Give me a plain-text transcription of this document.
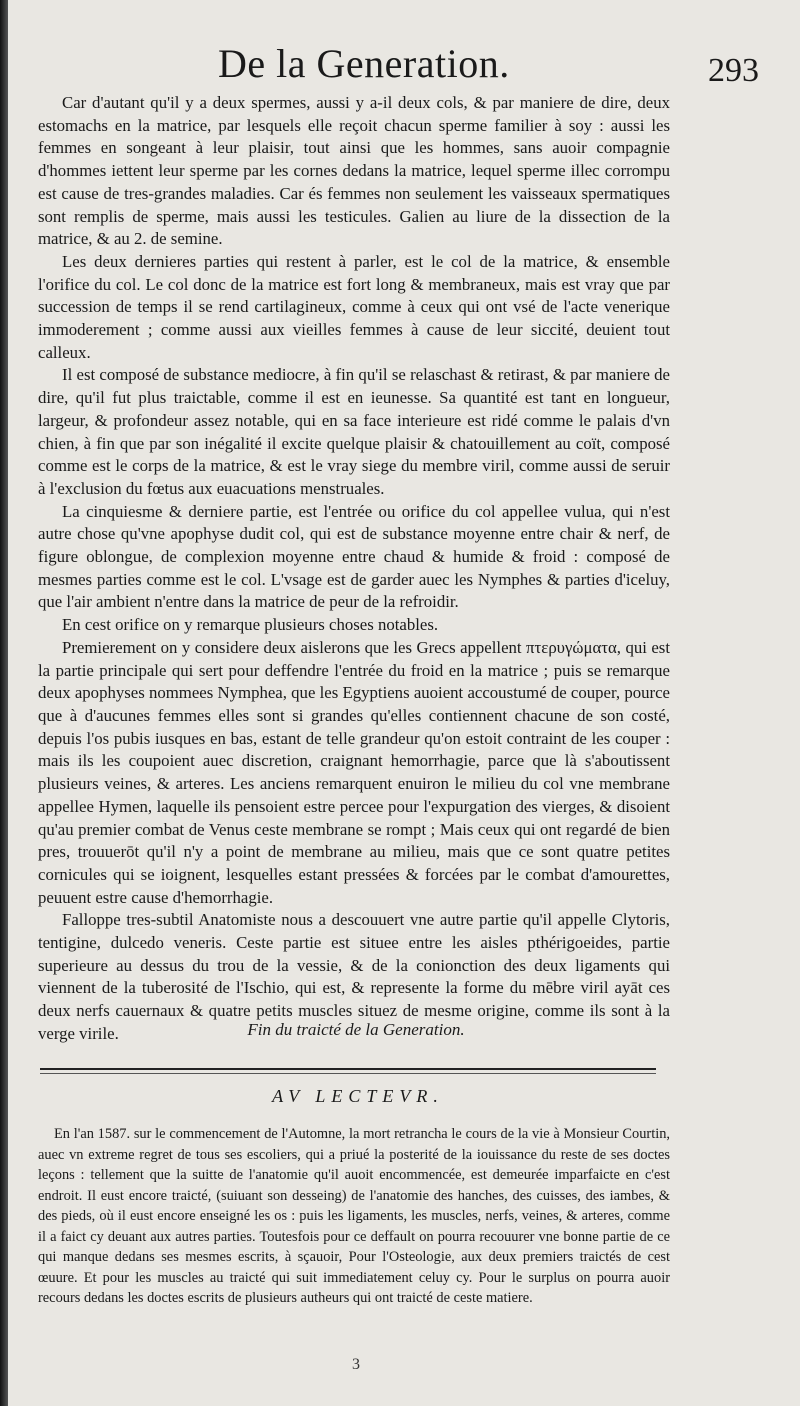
De la Generation.	293

Car d'autant qu'il y a deux spermes, aussi y a-il deux cols, & par maniere de dire, deux estomachs en la matrice, par lesquels elle reçoit chacun sperme familier à soy : aussi les femmes en songeant à leur plaisir, tout ainsi que les hommes, sans auoir compagnie d'hommes iettent leur sperme par les cornes dedans la matrice, lequel sperme illec corrompu est cause de tres-grandes maladies. Car és femmes non seulement les vaisseaux spermatiques sont remplis de sperme, mais aussi les testicules. Galien au liure de la dissection de la matrice, & au 2. de semine.

Les deux dernieres parties qui restent à parler, est le col de la matrice, & ensemble l'orifice du col. Le col donc de la matrice est fort long & membraneux, mais est vray que par succession de temps il se rend cartilagineux, comme à ceux qui ont vsé de l'acte venerique immoderement ; comme aussi aux vieilles femmes à cause de leur siccité, deuient tout calleux.

Il est composé de substance mediocre, à fin qu'il se relaschast & retirast, & par maniere de dire, qu'il fut plus traictable, comme il est en ieunesse. Sa quantité est tant en longueur, largeur, & profondeur assez notable, qui en sa face interieure est ridé comme le palais d'vn chien, à fin que par son inégalité il excite quelque plaisir & chatouillement au coït, composé comme est le corps de la matrice, & est le vray siege du membre viril, comme aussi de seruir à l'exclusion du fœtus aux euacuations menstruales.

La cinquiesme & derniere partie, est l'entrée ou orifice du col appellee vulua, qui n'est autre chose qu'vne apophyse dudit col, qui est de substance moyenne entre chair & nerf, de figure oblongue, de complexion moyenne entre chaud & humide & froid : composé de mesmes parties comme est le col. L'vsage est de garder auec les Nymphes & parties d'iceluy, que l'air ambient n'entre dans la matrice de peur de la refroidir.

En cest orifice on y remarque plusieurs choses notables.

Premierement on y considere deux aislerons que les Grecs appellent πτερυγώματα, qui est la partie principale qui sert pour deffendre l'entrée du froid en la matrice ; puis se remarque deux apophyses nommees Nymphea, que les Egyptiens auoient accoustumé de couper, pource que à d'aucunes femmes elles sont si grandes qu'elles contiennent chacune de son costé, depuis l'os pubis iusques en bas, estant de telle grandeur qu'on estoit contraint de les couper : mais ils les coupoient auec discretion, craignant hemorrhagie, parce que là s'aboutissent plusieurs veines, & arteres. Les anciens remarquent enuiron le milieu du col vne membrane appellee Hymen, laquelle ils pensoient estre percee pour l'expurgation des vierges, & disoient qu'au premier combat de Venus ceste membrane se rompt ; Mais ceux qui ont regardé de bien pres, trouuerōt qu'il n'y a point de membrane au milieu, mais que ce sont quatre petites cornicules qui se ioignent, lesquelles estant pressées & forcées par le combat d'amourettes, peuuent estre cause d'hemorrhagie.

Falloppe tres-subtil Anatomiste nous a descouuert vne autre partie qu'il appelle Clytoris, tentigine, dulcedo veneris. Ceste partie est situee entre les aisles pthérigoeides, partie superieure au dessus du trou de la vessie, & de la conionction des deux ligaments qui viennent de la tuberosité de l'Ischio, qui est, & represente la forme du mēbre viril ayāt ces deux nerfs cauernaux & quatre petits muscles situez de mesme origine, comme ils sont à la verge virile.	Fin du traicté de la Generation.
AV LECTEVR.

En l'an 1587. sur le commencement de l'Automne, la mort retrancha le cours de la vie à Monsieur Courtin, auec vn extreme regret de tous ses escoliers, qui a priué la posterité de la iouissance du reste de ses doctes leçons : tellement que la suitte de l'anatomie qu'il auoit encommencée, est demeurée imparfaicte en c'est endroit. Il eust encore traicté, (suiuant son desseing) de l'anatomie des hanches, des cuisses, des iambes, & des pieds, où il eust encore enseigné les os : puis les ligaments, les muscles, nerfs, veines, & arteres, comme il a faict cy deuant aux autres parties. Toutesfois pour ce deffault on pourra recouurer vne bonne partie de ce qui manque dedans ses mesmes escrits, à sçauoir, Pour l'Osteologie, aux deux premiers traictés de cest œuure. Et pour les muscles au traicté qui suit immediatement celuy cy. Pour le surplus on pourra auoir recours dedans les doctes escrits de plusieurs autheurs qui ont traicté de ceste matiere.

3
